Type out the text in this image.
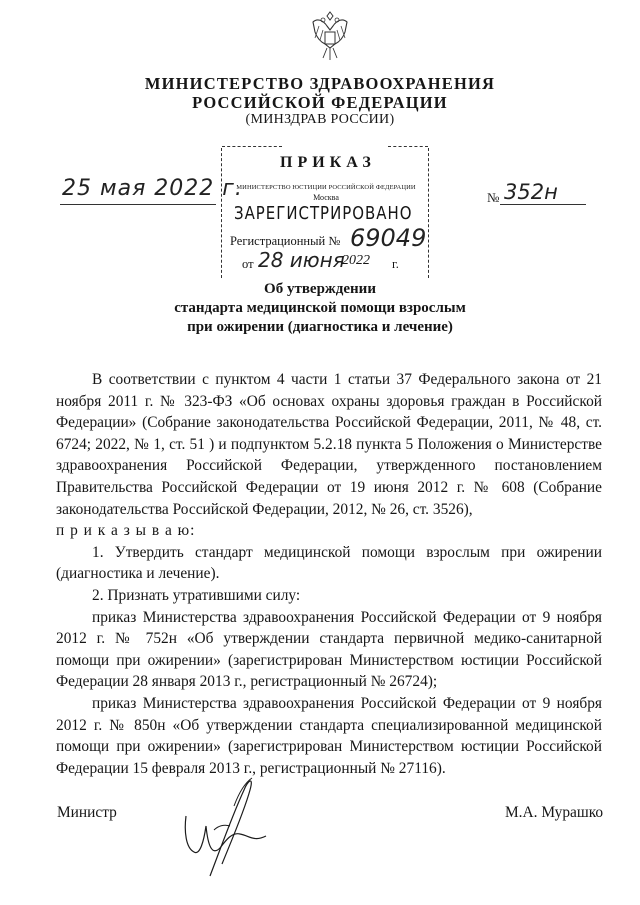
МИНИСТЕРСТВО ЗДРАВООХРАНЕНИЯ
РОССИЙСКОЙ ФЕДЕРАЦИИ
(МИНЗДРАВ РОССИИ)
ПРИКАЗ
МИНИСТЕРСТВО ЮСТИЦИИ РОССИЙСКОЙ ФЕДЕРАЦИИ
Москва
ЗАРЕГИСТРИРОВАНО
Регистрационный № 69049
от 28 июня
2022 г.
25 мая 2022 г.	№ 352н
Об утверждении
стандарта медицинской помощи взрослым
при ожирении (диагностика и лечение)

В соответствии с пунктом 4 части 1 статьи 37 Федерального закона от 21 ноября 2011 г. № 323-ФЗ «Об основах охраны здоровья граждан в Российской Федерации» (Собрание законодательства Российской Федерации, 2011, № 48, ст. 6724; 2022, № 1, ст. 51 ) и подпунктом 5.2.18 пункта 5 Положения о Министерстве здравоохранения Российской Федерации, утвержденного постановлением Правительства Российской Федерации от 19 июня 2012 г. № 608 (Собрание законодательства Российской Федерации, 2012, № 26, ст. 3526),

п р и к а з ы в а ю:

1. Утвердить стандарт медицинской помощи взрослым при ожирении (диагностика и лечение).

2. Признать утратившими силу:

приказ Министерства здравоохранения Российской Федерации от 9 ноября 2012 г. № 752н «Об утверждении стандарта первичной медико-санитарной помощи при ожирении» (зарегистрирован Министерством юстиции Российской Федерации 28 января 2013 г., регистрационный № 26724);

приказ Министерства здравоохранения Российской Федерации от 9 ноября 2012 г. № 850н «Об утверждении стандарта специализированной медицинской помощи при ожирении» (зарегистрирован Министерством юстиции Российской Федерации 15 февраля 2013 г., регистрационный № 27116).

Министр	М.А. Мурашко
